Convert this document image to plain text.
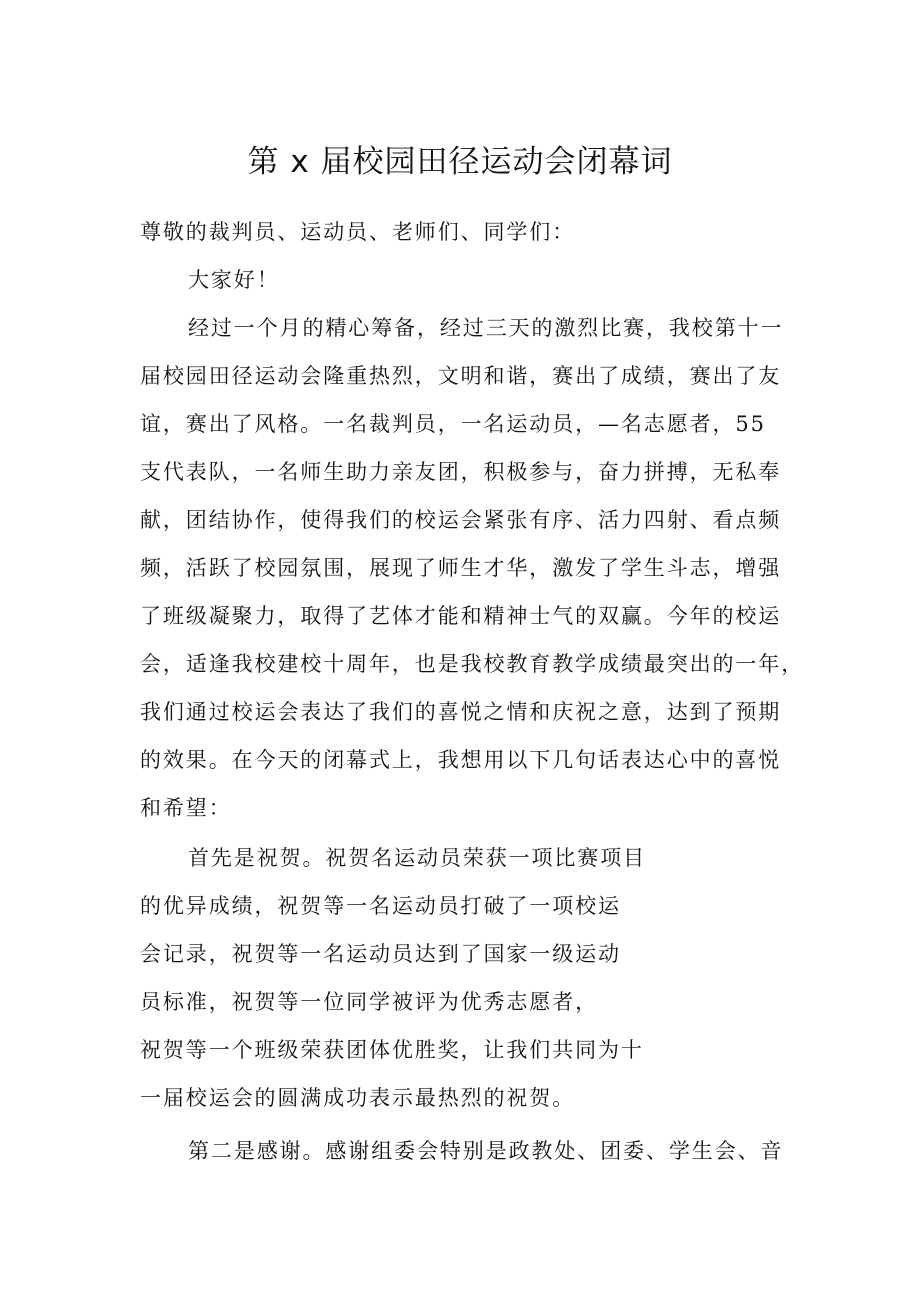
第 x 届校园田径运动会闭幕词
尊敬的裁判员、运动员、老师们、同学们：
大家好！
经过一个月的精心筹备，经过三天的激烈比赛，我校第十一
届校园田径运动会隆重热烈，文明和谐，赛出了成绩，赛出了友
谊，赛出了风格。一名裁判员，一名运动员，—名志愿者，55
支代表队，一名师生助力亲友团，积极参与，奋力拼搏，无私奉
献，团结协作，使得我们的校运会紧张有序、活力四射、看点频
频，活跃了校园氛围，展现了师生才华，激发了学生斗志，增强
了班级凝聚力，取得了艺体才能和精神士气的双赢。今年的校运
会，适逢我校建校十周年，也是我校教育教学成绩最突出的一年，
我们通过校运会表达了我们的喜悦之情和庆祝之意，达到了预期
的效果。在今天的闭幕式上，我想用以下几句话表达心中的喜悦
和希望：
首先是祝贺。祝贺名运动员荣获一项比赛项目
的优异成绩，祝贺等一名运动员打破了一项校运
会记录，祝贺等一名运动员达到了国家一级运动
员标准，祝贺等一位同学被评为优秀志愿者，
祝贺等一个班级荣获团体优胜奖，让我们共同为十
一届校运会的圆满成功表示最热烈的祝贺。
第二是感谢。感谢组委会特别是政教处、团委、学生会、音
